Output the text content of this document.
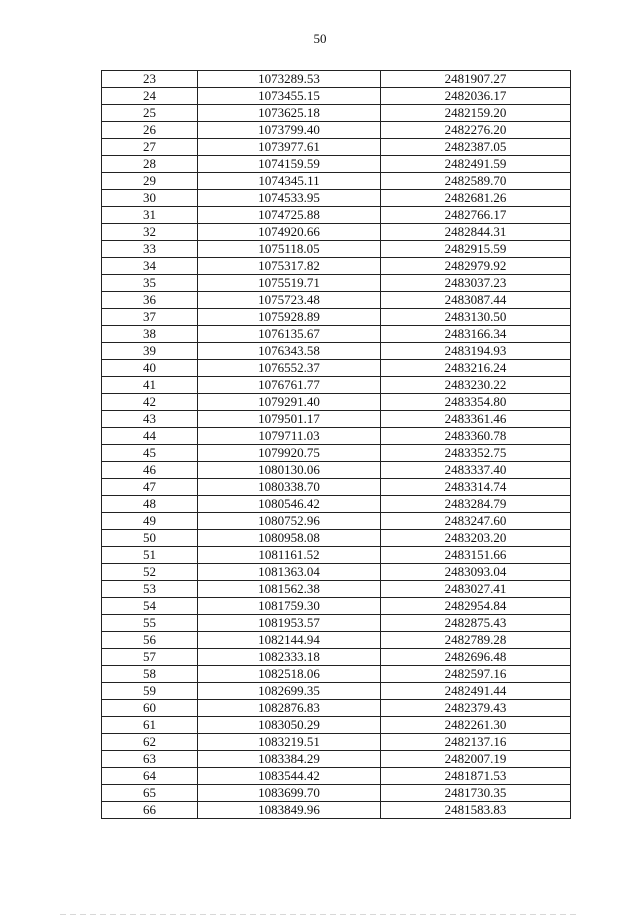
50
23	1073289.53	2481907.27
24	1073455.15	2482036.17
25	1073625.18	2482159.20
26	1073799.40	2482276.20
27	1073977.61	2482387.05
28	1074159.59	2482491.59
29	1074345.11	2482589.70
30	1074533.95	2482681.26
31	1074725.88	2482766.17
32	1074920.66	2482844.31
33	1075118.05	2482915.59
34	1075317.82	2482979.92
35	1075519.71	2483037.23
36	1075723.48	2483087.44
37	1075928.89	2483130.50
38	1076135.67	2483166.34
39	1076343.58	2483194.93
40	1076552.37	2483216.24
41	1076761.77	2483230.22
42	1079291.40	2483354.80
43	1079501.17	2483361.46
44	1079711.03	2483360.78
45	1079920.75	2483352.75
46	1080130.06	2483337.40
47	1080338.70	2483314.74
48	1080546.42	2483284.79
49	1080752.96	2483247.60
50	1080958.08	2483203.20
51	1081161.52	2483151.66
52	1081363.04	2483093.04
53	1081562.38	2483027.41
54	1081759.30	2482954.84
55	1081953.57	2482875.43
56	1082144.94	2482789.28
57	1082333.18	2482696.48
58	1082518.06	2482597.16
59	1082699.35	2482491.44
60	1082876.83	2482379.43
61	1083050.29	2482261.30
62	1083219.51	2482137.16
63	1083384.29	2482007.19
64	1083544.42	2481871.53
65	1083699.70	2481730.35
66	1083849.96	2481583.83
